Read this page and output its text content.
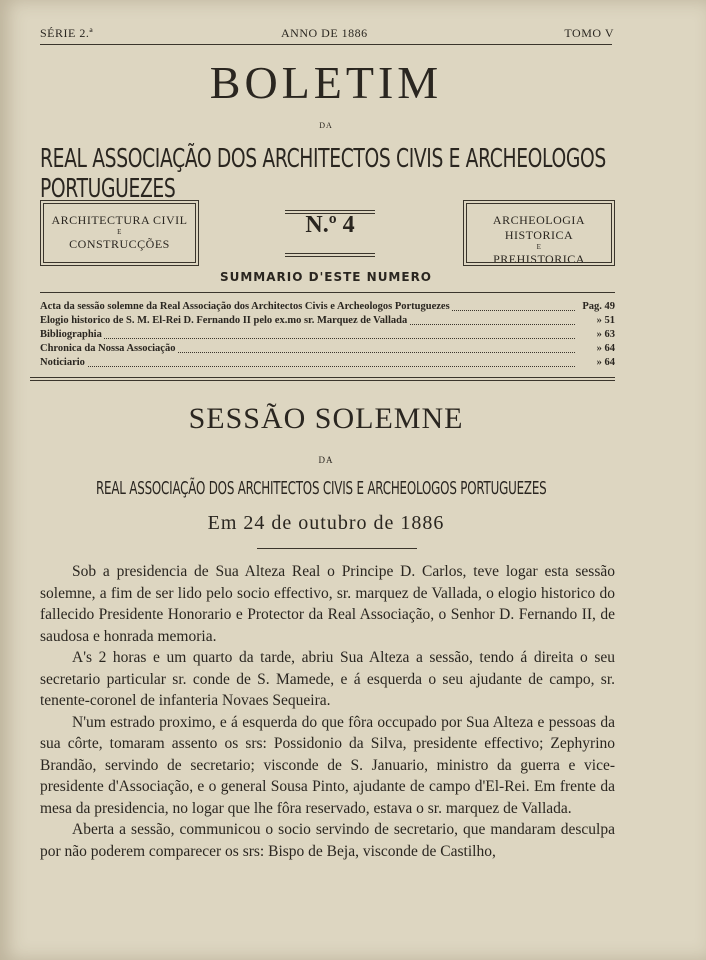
SÉRIE 2.ª	ANNO DE 1886	TOMO V
BOLETIM
DA
REAL ASSOCIAÇÃO DOS ARCHITECTOS CIVIS E ARCHEOLOGOS PORTUGUEZES
ARCHITECTURA CIVIL
E
CONSTRUCÇÕES
N.º 4	ARCHEOLOGIA HISTORICA
E
PREHISTORICA
SUMMARIO D'ESTE NUMERO
Acta da sessão solemne da Real Associação dos Architectos Civis e Archeologos Portuguezes	Pag. 49
Elogio historico de S. M. El-Rei D. Fernando II pelo ex.mo sr. Marquez de Vallada	» 51
Bibliographia	» 63
Chronica da Nossa Associação	» 64
Noticiario	» 64
SESSÃO SOLEMNE
DA
REAL ASSOCIAÇÃO DOS ARCHITECTOS CIVIS E ARCHEOLOGOS PORTUGUEZES
Em 24 de outubro de 1886

Sob a presidencia de Sua Alteza Real o Principe D. Carlos, teve logar esta sessão solemne, a fim de ser lido pelo socio effectivo, sr. marquez de Vallada, o elogio historico do fallecido Presidente Honorario e Protector da Real Associação, o Senhor D. Fernando II, de saudosa e honrada memoria.

A's 2 horas e um quarto da tarde, abriu Sua Alteza a sessão, tendo á direita o seu secretario particular sr. conde de S. Mamede, e á esquerda o seu ajudante de campo, sr. tenente-coronel de infanteria Novaes Sequeira.

N'um estrado proximo, e á esquerda do que fôra occupado por Sua Alteza e pessoas da sua côrte, tomaram assento os srs: Possidonio da Silva, presidente effectivo; Zephyrino Brandão, servindo de secretario; visconde de S. Januario, ministro da guerra e vice-presidente d'Associação, e o general Sousa Pinto, ajudante de campo d'El-Rei. Em frente da mesa da presidencia, no logar que lhe fôra reservado, estava o sr. marquez de Vallada.

Aberta a sessão, communicou o socio servindo de secretario, que mandaram desculpa por não poderem comparecer os srs: Bispo de Beja, visconde de Castilho,
